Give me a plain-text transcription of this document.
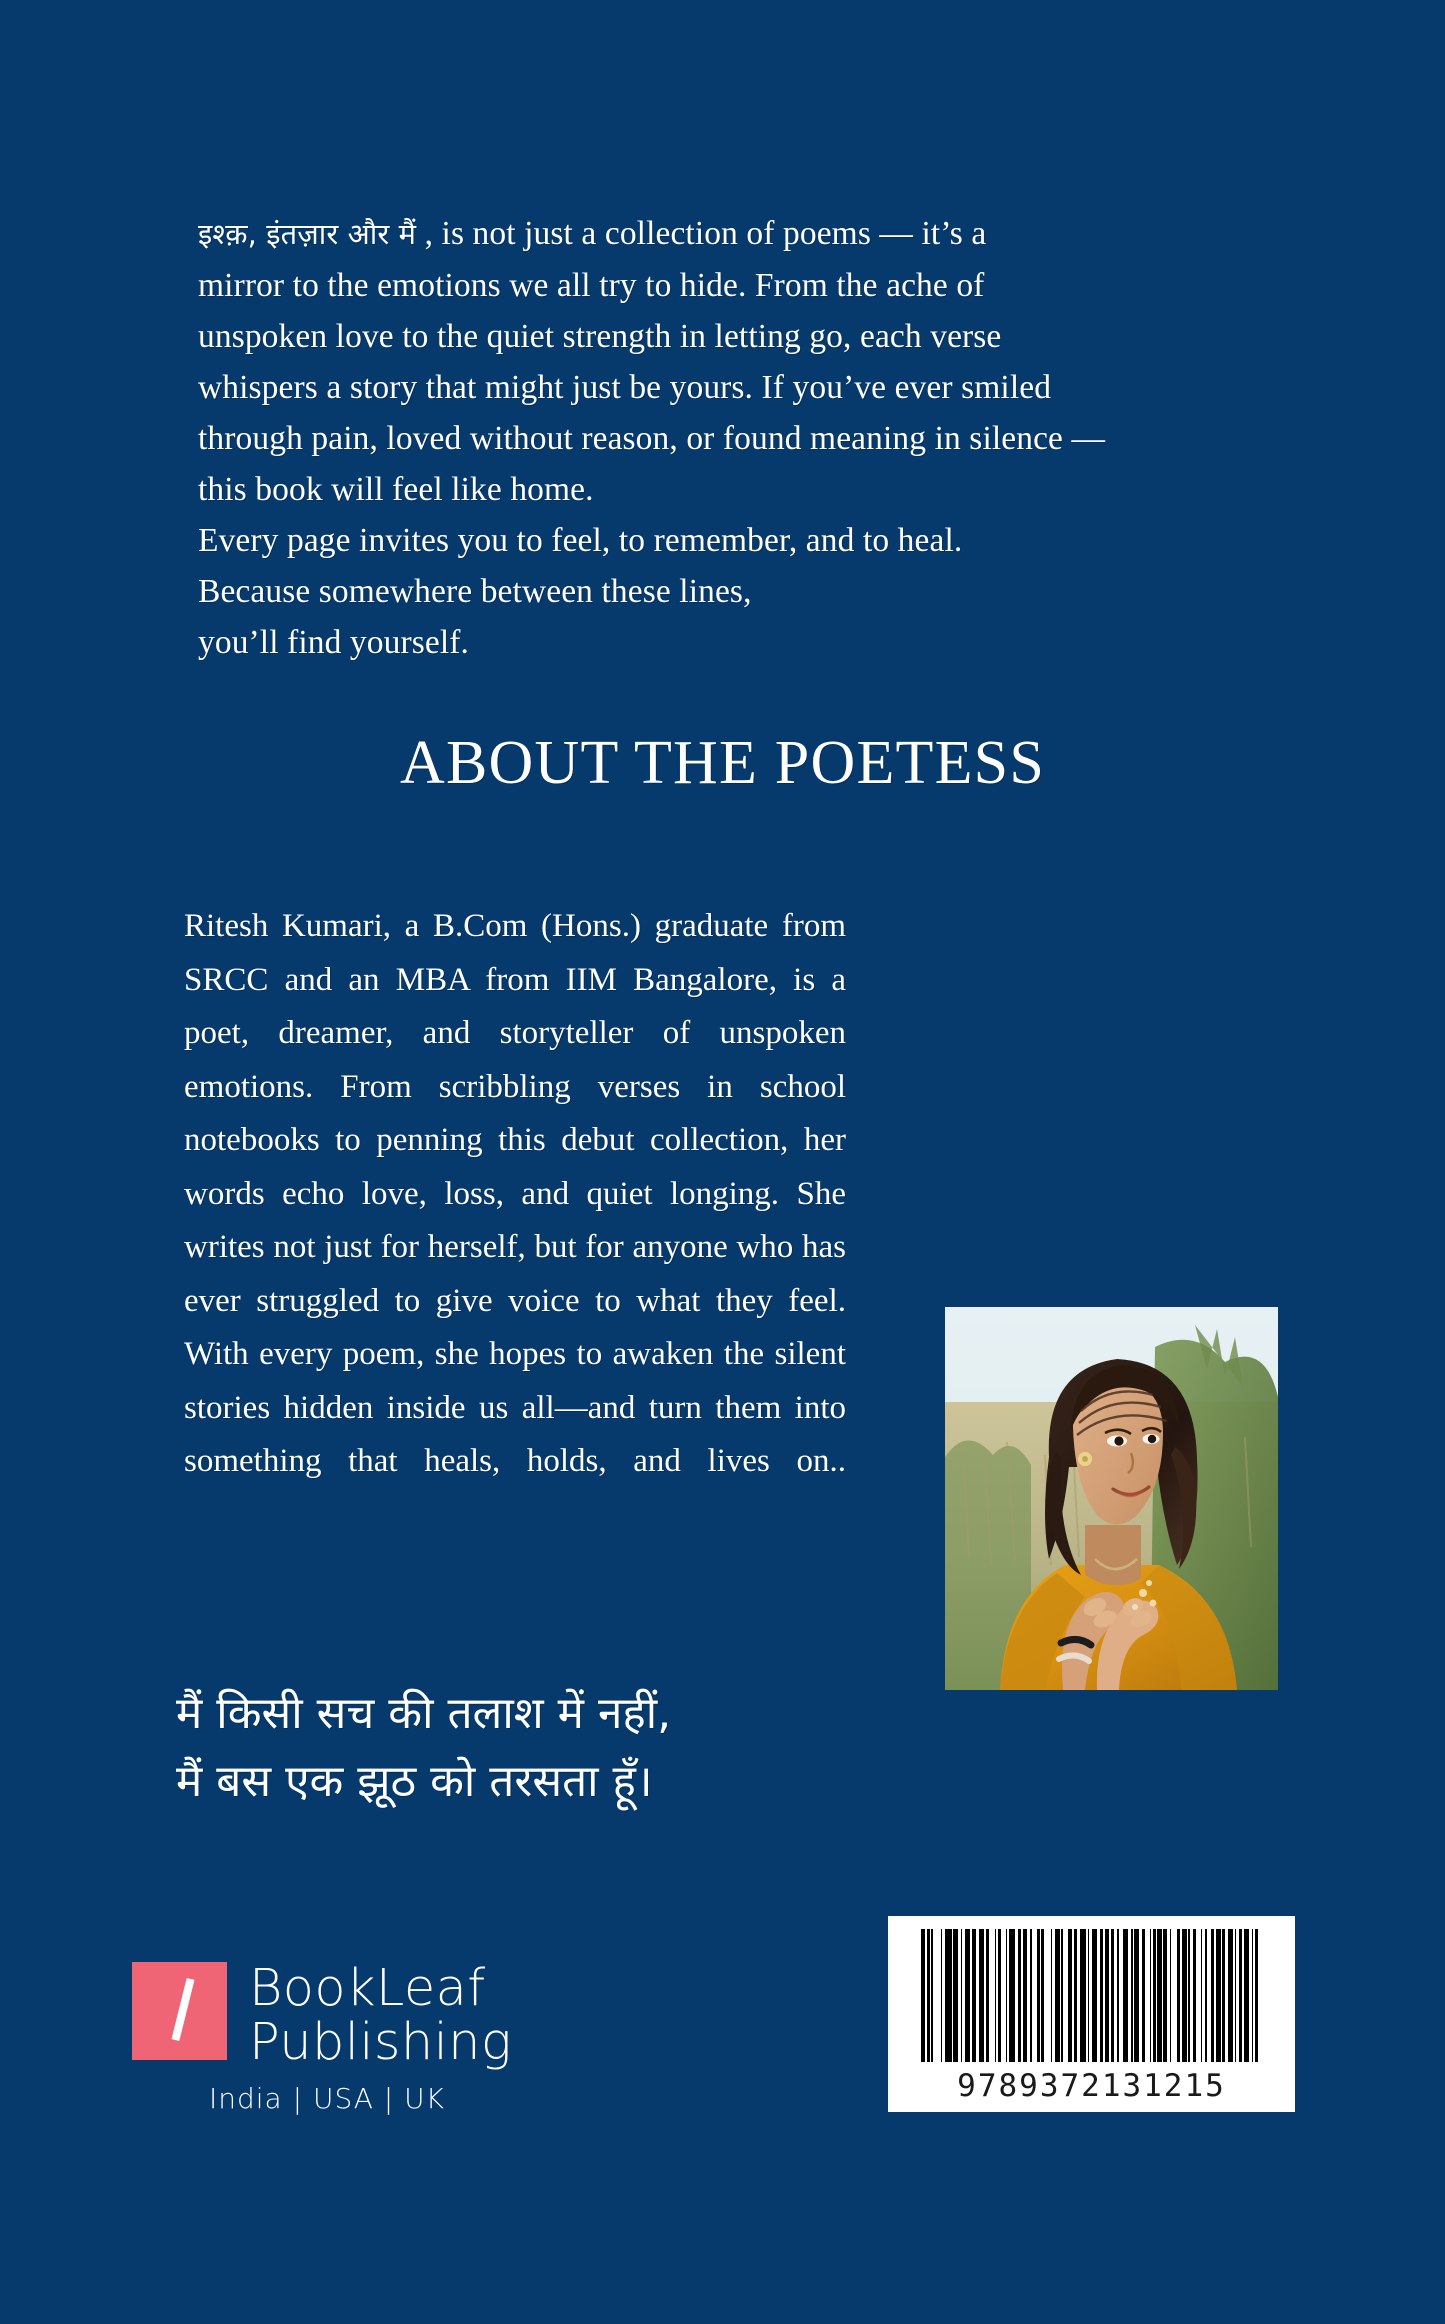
इश्क़, इंतज़ार और मैं , is not just a collection of poems — it’s a

mirror to the emotions we all try to hide. From the ache of

unspoken love to the quiet strength in letting go, each verse

whispers a story that might just be yours. If you’ve ever smiled

through pain, loved without reason, or found meaning in silence —

this book will feel like home.

Every page invites you to feel, to remember, and to heal.

Because somewhere between these lines,

you’ll find yourself.

ABOUT THE POETESS

Ritesh Kumari, a B.Com (Hons.) graduate from SRCC and an MBA from IIM Bangalore, is a poet, dreamer, and storyteller of unspoken emotions. From scribbling verses in school notebooks to penning this debut collection, her words echo love, loss, and quiet longing. She writes not just for herself, but for anyone who has ever struggled to give voice to what they feel. With every poem, she hopes to awaken the silent stories hidden inside us all—and turn them into something that heals, holds, and lives on..

मैं किसी सच की तलाश में नहीं,
मैं बस एक झूठ को तरसता हूँ।
BookLeaf
Publishing
India | USA | UK	9789372131215
